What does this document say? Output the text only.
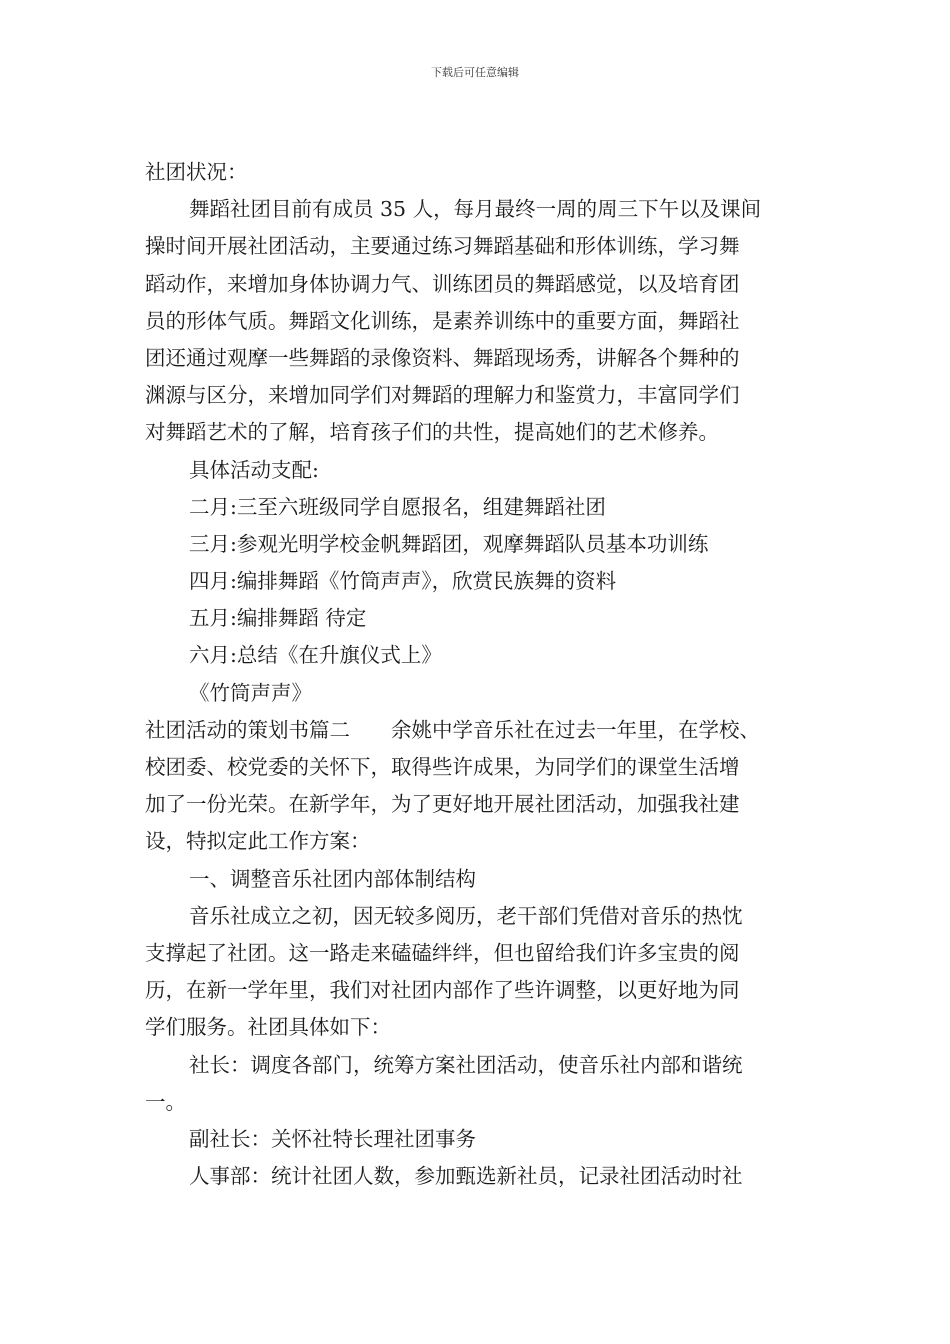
下载后可任意编辑
社团状况：
舞蹈社团目前有成员 35 人，每月最终一周的周三下午以及课间
操时间开展社团活动，主要通过练习舞蹈基础和形体训练，学习舞
蹈动作，来增加身体协调力气、训练团员的舞蹈感觉，以及培育团
员的形体气质。舞蹈文化训练，是素养训练中的重要方面，舞蹈社
团还通过观摩一些舞蹈的录像资料、舞蹈现场秀，讲解各个舞种的
渊源与区分，来增加同学们对舞蹈的理解力和鉴赏力，丰富同学们
对舞蹈艺术的了解，培育孩子们的共性，提高她们的艺术修养。
具体活动支配:
二月:三至六班级同学自愿报名，组建舞蹈社团
三月:参观光明学校金帆舞蹈团，观摩舞蹈队员基本功训练
四月:编排舞蹈《竹筒声声》，欣赏民族舞的资料
五月:编排舞蹈 待定
六月:总结《在升旗仪式上》
《竹筒声声》
社团活动的策划书篇二　　余姚中学音乐社在过去一年里，在学校、
校团委、校党委的关怀下，取得些许成果，为同学们的课堂生活增
加了一份光荣。在新学年，为了更好地开展社团活动，加强我社建
设，特拟定此工作方案：
一、调整音乐社团内部体制结构
音乐社成立之初，因无较多阅历，老干部们凭借对音乐的热忱
支撑起了社团。这一路走来磕磕绊绊，但也留给我们许多宝贵的阅
历，在新一学年里，我们对社团内部作了些许调整，以更好地为同
学们服务。社团具体如下：
社长：调度各部门，统筹方案社团活动，使音乐社内部和谐统
一。
副社长：关怀社特长理社团事务
人事部：统计社团人数，参加甄选新社员，记录社团活动时社
